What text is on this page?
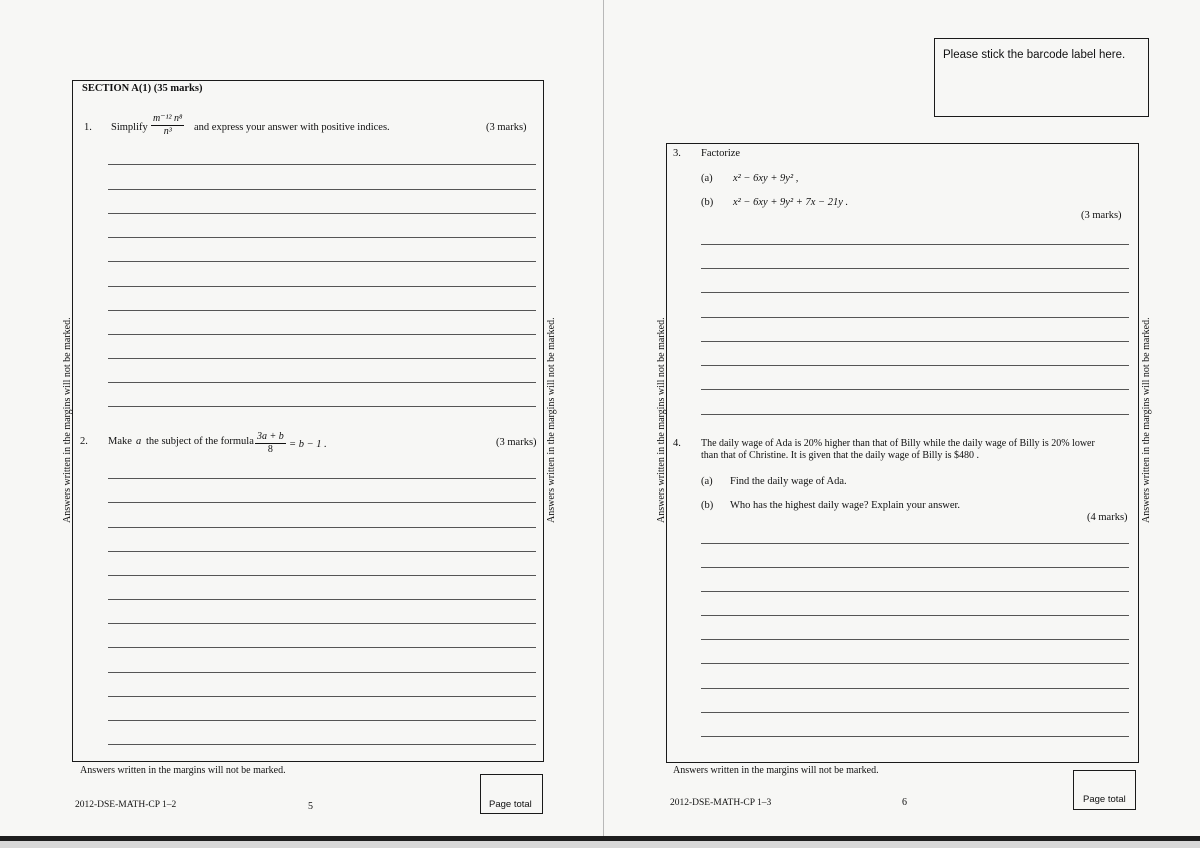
SECTION A(1) (35 marks)
1. Simplify $\frac{\text{m⁻¹² n⁸}}{\text{n³}}$ and express your answer with positive indices.	(3 marks)
2. Make a the subject of the formula $\frac{3a + b}{8} = b - 1$ .	(3 marks)
Answers written in the margins will not be marked.	Answers written in the margins will not be marked.
Answers written in the margins will not be marked.
2012-DSE-MATH-CP 1–2	5	Page total
Please stick the barcode label here.
3. Factorize
(a) x² − 6xy + 9y² ,
(b) x² − 6xy + 9y² + 7x − 21y .
(3 marks)
4. The daily wage of Ada is 20% higher than that of Billy while the daily wage of Billy is 20% lower
than that of Christine. It is given that the daily wage of Billy is $480 .
(a) Find the daily wage of Ada.
(b) Who has the highest daily wage? Explain your answer.
(4 marks)
Answers written in the margins will not be marked.	Answers written in the margins will not be marked.
Answers written in the margins will not be marked.
2012-DSE-MATH-CP 1–3	6	Page total
